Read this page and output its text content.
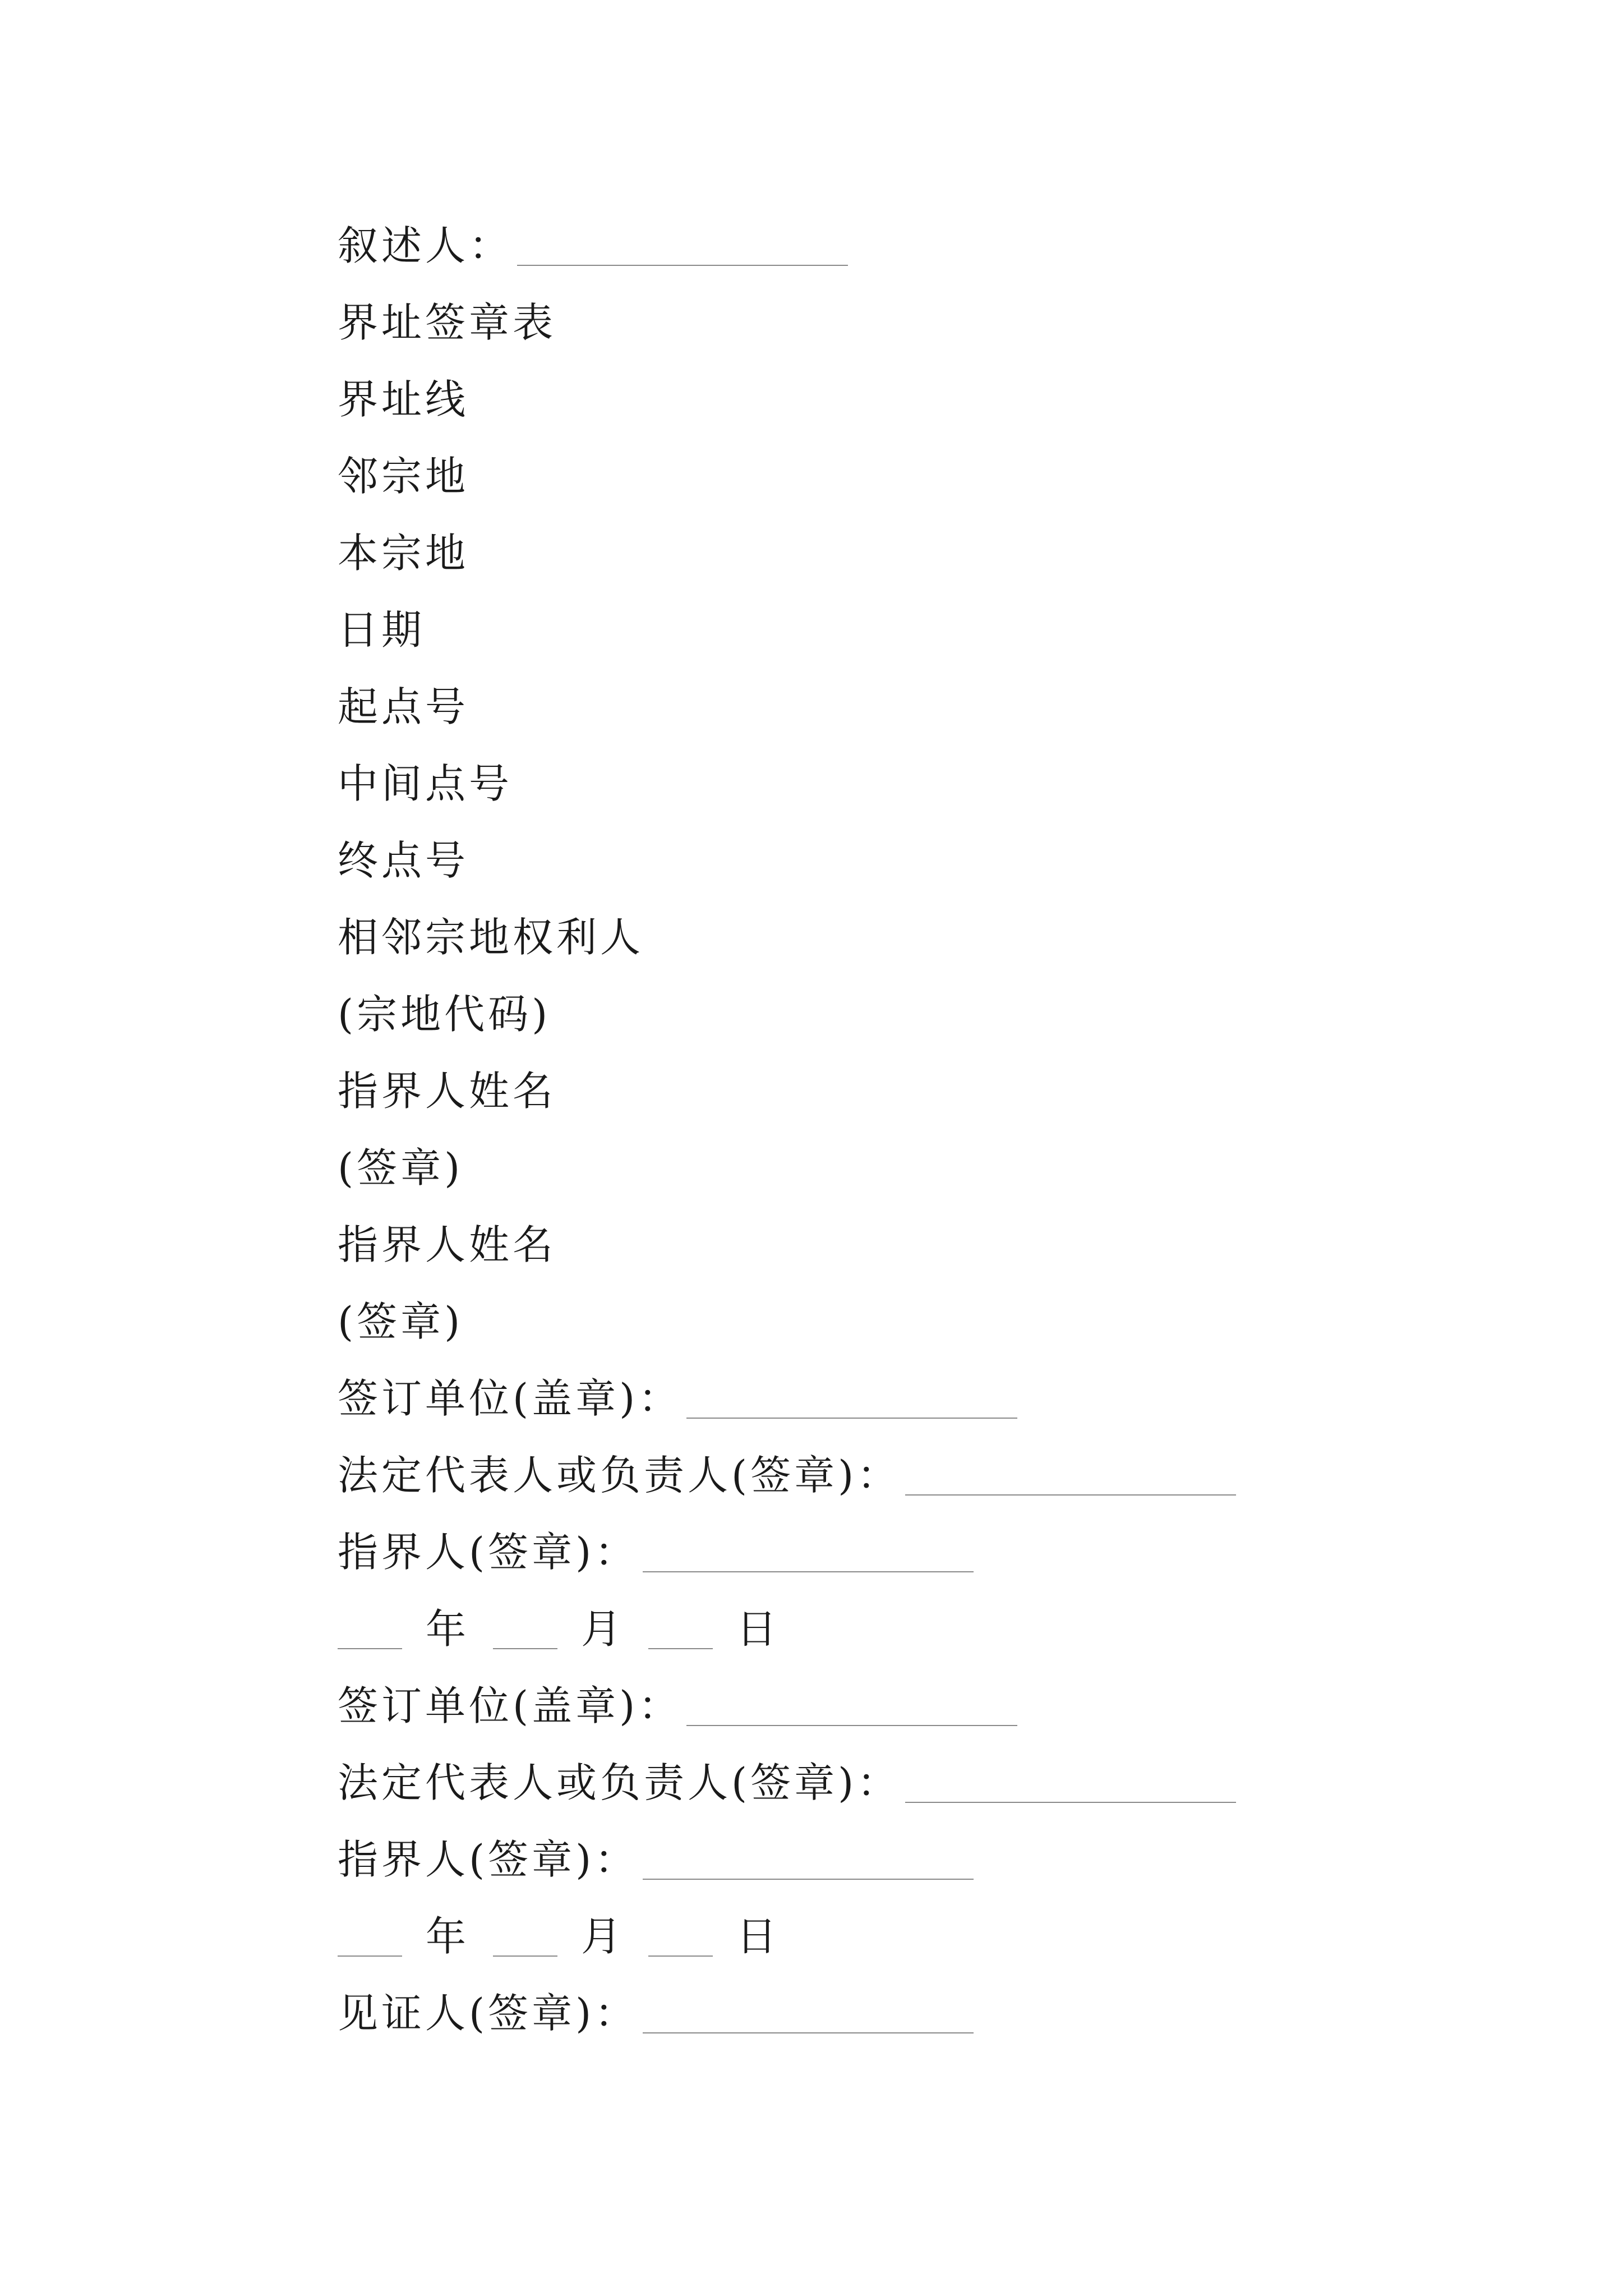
叙述人：
界址签章表
界址线
邻宗地
本宗地
日期
起点号
中间点号
终点号
相邻宗地权利人
(宗地代码)
指界人姓名
(签章)
指界人姓名
(签章)
签订单位(盖章)：
法定代表人或负责人(签章)：
指界人(签章)：
年	月	日
签订单位(盖章)：
法定代表人或负责人(签章)：
指界人(签章)：
年	月	日
见证人(签章)：
